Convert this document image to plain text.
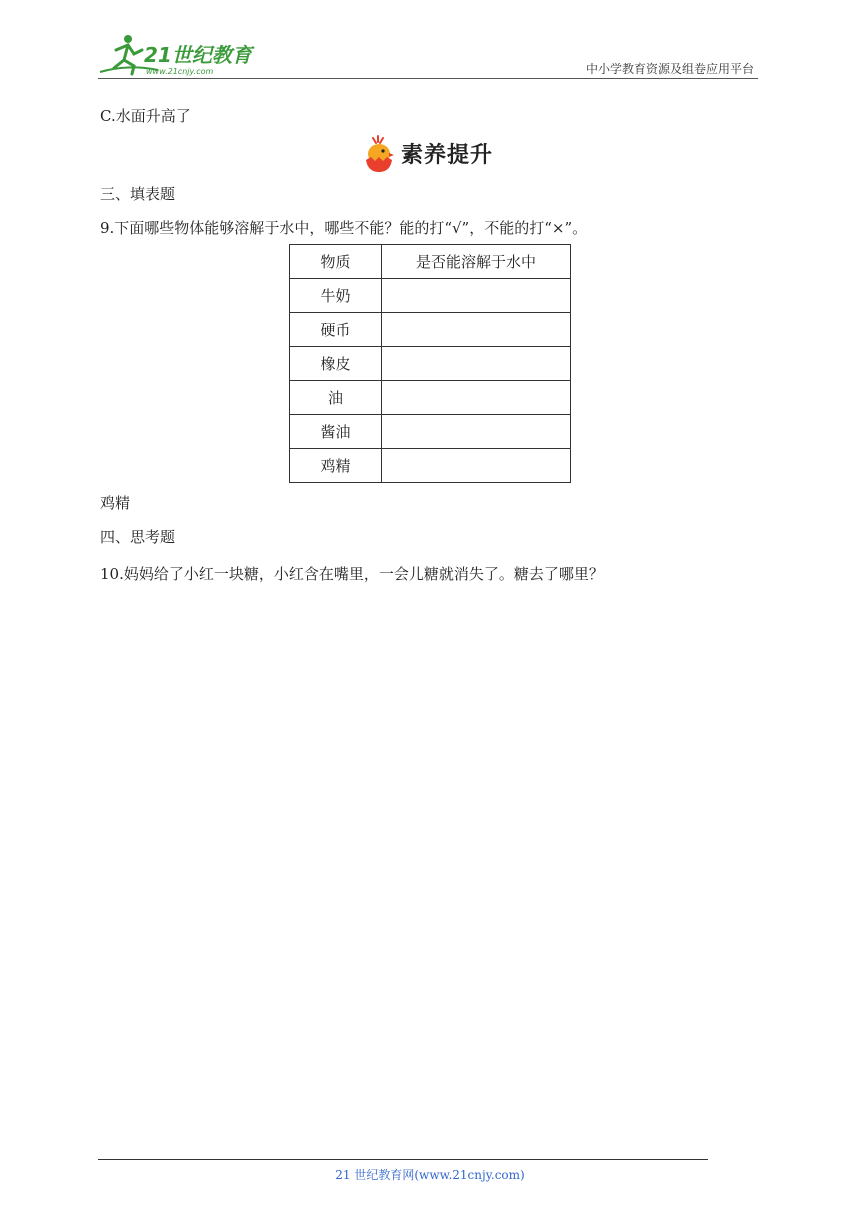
21世纪教育
www.21cnjy.com	中小学教育资源及组卷应用平台
C.水面升高了
素养提升
三、填表题
9.下面哪些物体能够溶解于水中，哪些不能？能的打“√”，不能的打“×”。
物质	是否能溶解于水中
牛奶	
硬币	
橡皮	
油	
酱油	
鸡精	
鸡精
四、思考题
10.妈妈给了小红一块糖，小红含在嘴里，一会儿糖就消失了。糖去了哪里？
21 世纪教育网(www.21cnjy.com)
